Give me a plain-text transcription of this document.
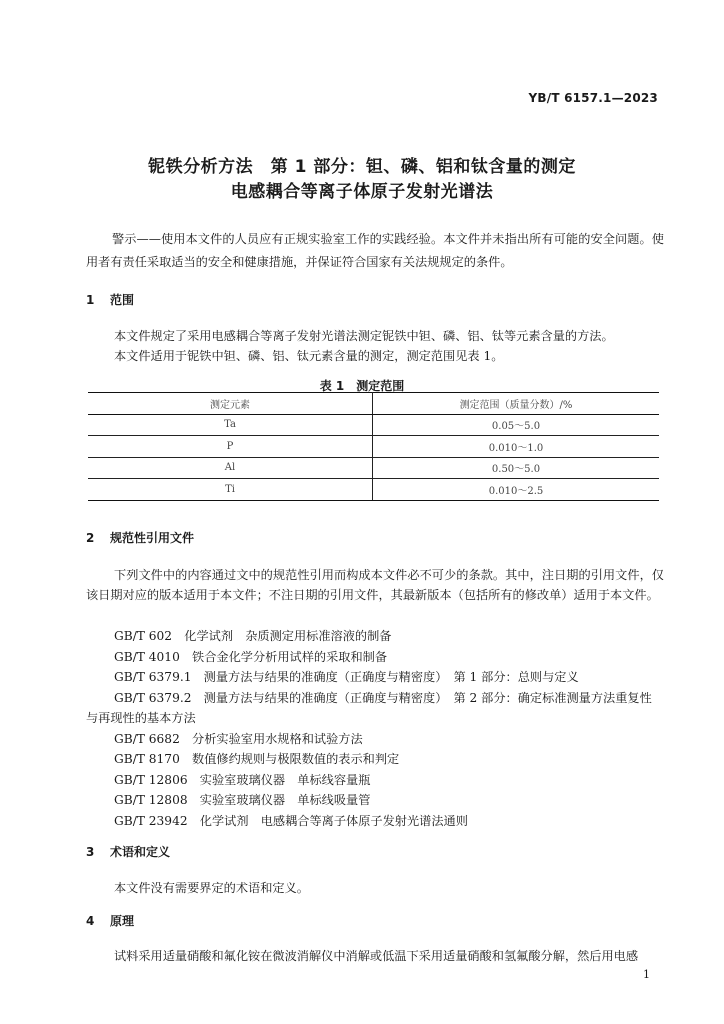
YB/T 6157.1—2023
铌铁分析方法　第 1 部分：钽、磷、铝和钛含量的测定
电感耦合等离子体原子发射光谱法
警示——使用本文件的人员应有正规实验室工作的实践经验。本文件并未指出所有可能的安全问题。使用者有责任采取适当的安全和健康措施，并保证符合国家有关法规规定的条件。
1 范围
本文件规定了采用电感耦合等离子发射光谱法测定铌铁中钽、磷、铝、钛等元素含量的方法。
本文件适用于铌铁中钽、磷、铝、钛元素含量的测定，测定范围见表 1。
表 1　测定范围
测定元素	测定范围（质量分数）/%
Ta	0.05～5.0
P	0.010～1.0
Al	0.50～5.0
Ti	0.010～2.5
2 规范性引用文件
下列文件中的内容通过文中的规范性引用而构成本文件必不可少的条款。其中，注日期的引用文件，仅该日期对应的版本适用于本文件；不注日期的引用文件，其最新版本（包括所有的修改单）适用于本文件。
GB/T 602　化学试剂　杂质测定用标准溶液的制备
GB/T 4010　铁合金化学分析用试样的采取和制备
GB/T 6379.1　测量方法与结果的准确度（正确度与精密度）　第 1 部分：总则与定义
GB/T 6379.2　测量方法与结果的准确度（正确度与精密度）　第 2 部分：确定标准测量方法重复性
与再现性的基本方法
GB/T 6682　分析实验室用水规格和试验方法
GB/T 8170　数值修约规则与极限数值的表示和判定
GB/T 12806　实验室玻璃仪器　单标线容量瓶
GB/T 12808　实验室玻璃仪器　单标线吸量管
GB/T 23942　化学试剂　电感耦合等离子体原子发射光谱法通则
3 术语和定义
本文件没有需要界定的术语和定义。
4 原理
试料采用适量硝酸和氟化铵在微波消解仪中消解或低温下采用适量硝酸和氢氟酸分解，然后用电感
1
